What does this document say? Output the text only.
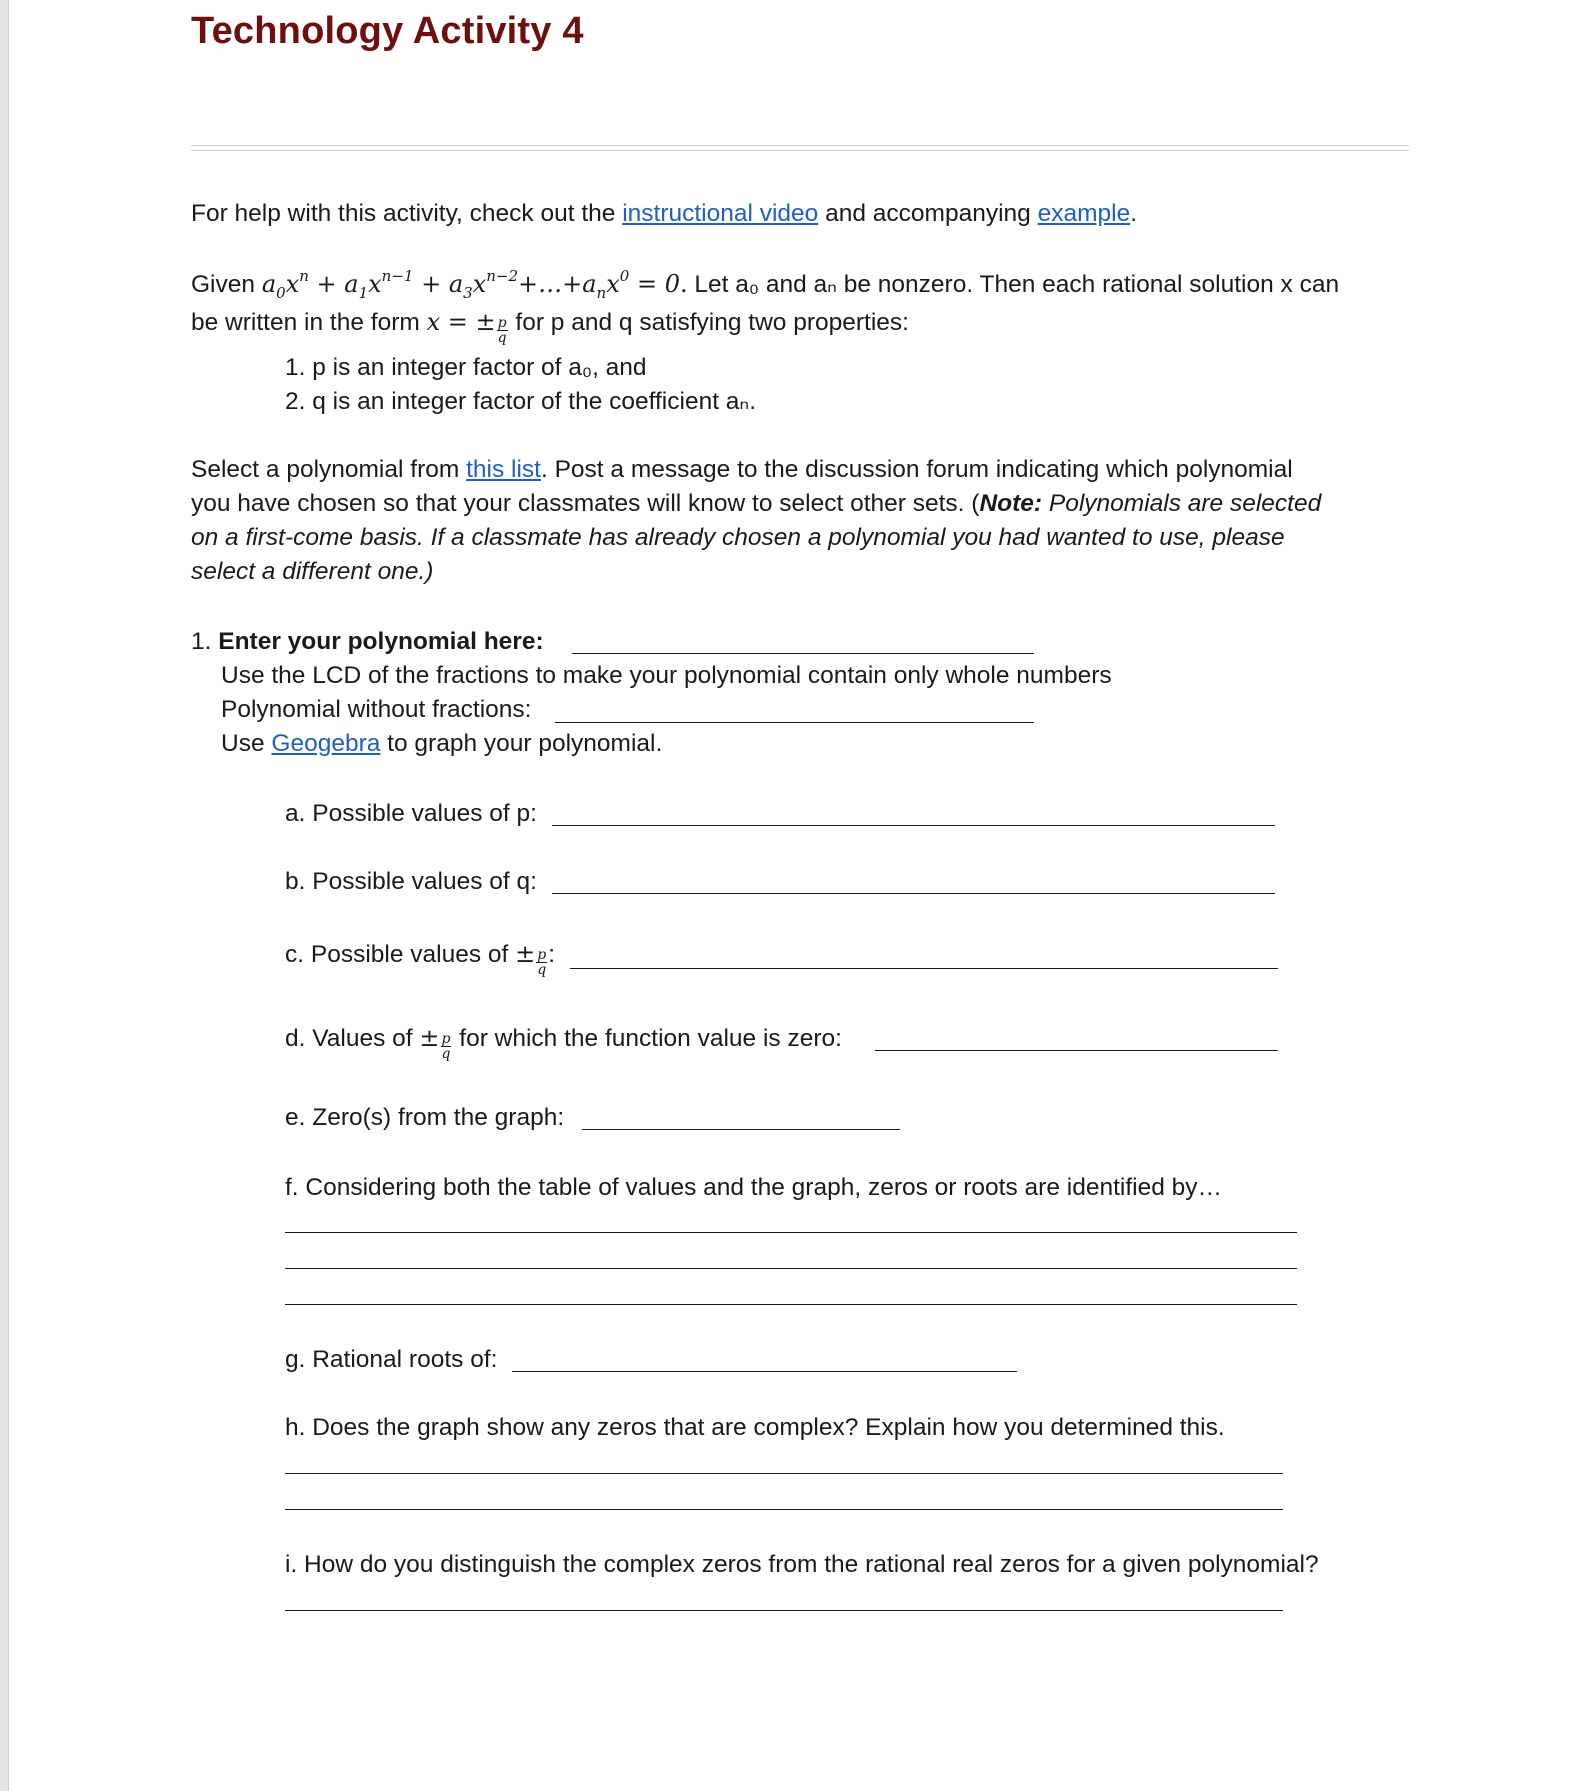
Technology Activity 4
For help with this activity, check out the instructional video and accompanying example.
Given $a_0x^n + a_1x^{n-1}$ + $a_3x^{n-2}+\dots+a_nx^0 = 0$. Let a₀ and aₙ be nonzero. Then each rational solution x can
be written in the form x = ± $\frac{p}{q}$ for p and q satisfying two properties:
1. p is an integer factor of a₀, and
2. q is an integer factor of the coefficient aₙ.
Select a polynomial from this list. Post a message to the discussion forum indicating which polynomial
you have chosen so that your classmates will know to select other sets. (Note: Polynomials are selected
on a first-come basis. If a classmate has already chosen a polynomial you had wanted to use, please
select a different one.)
1. Enter your polynomial here:
Use the LCD of the fractions to make your polynomial contain only whole numbers
Polynomial without fractions:
Use Geogebra to graph your polynomial.
a. Possible values of p:
b. Possible values of q:
c. Possible values of ± $\frac{p}{q}$ :
d. Values of ± $\frac{p}{q}$ for which the function value is zero:
e. Zero(s) from the graph:
f. Considering both the table of values and the graph, zeros or roots are identified by…
g. Rational roots of:
h. Does the graph show any zeros that are complex? Explain how you determined this.
i. How do you distinguish the complex zeros from the rational real zeros for a given polynomial?
